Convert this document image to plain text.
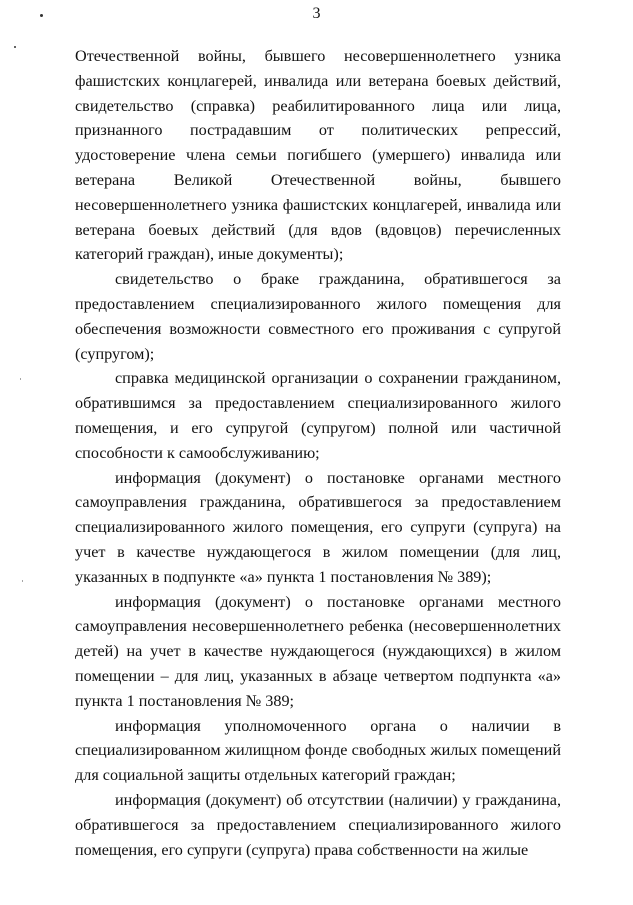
3

Отечественной войны, бывшего несовершеннолетнего узника фашистских концлагерей, инвалида или ветерана боевых действий, свидетельство (справка) реабилитированного лица или лица, признанного пострадавшим от политических репрессий, удостоверение члена семьи погибшего (умершего) инвалида или ветерана Великой Отечественной войны, бывшего несовершеннолетнего узника фашистских концлагерей, инвалида или ветерана боевых действий (для вдов (вдовцов) перечисленных категорий граждан), иные документы);

свидетельство о браке гражданина, обратившегося за предоставлением специализированного жилого помещения для обеспечения возможности совместного его проживания с супругой (супругом);

справка медицинской организации о сохранении гражданином, обратившимся за предоставлением специализированного жилого помещения, и его супругой (супругом) полной или частичной способности к самообслуживанию;

информация (документ) о постановке органами местного самоуправления гражданина, обратившегося за предоставлением специализированного жилого помещения, его супруги (супруга) на учет в качестве нуждающегося в жилом помещении (для лиц, указанных в подпункте «а» пункта 1 постановления № 389);

информация (документ) о постановке органами местного самоуправления несовершеннолетнего ребенка (несовершеннолетних детей) на учет в качестве нуждающегося (нуждающихся) в жилом помещении – для лиц, указанных в абзаце четвертом подпункта «а» пункта 1 постановления № 389;

информация уполномоченного органа о наличии в специализированном жилищном фонде свободных жилых помещений для социальной защиты отдельных категорий граждан;

информация (документ) об отсутствии (наличии) у гражданина, обратившегося за предоставлением специализированного жилого помещения, его супруги (супруга) права собственности на жилые
